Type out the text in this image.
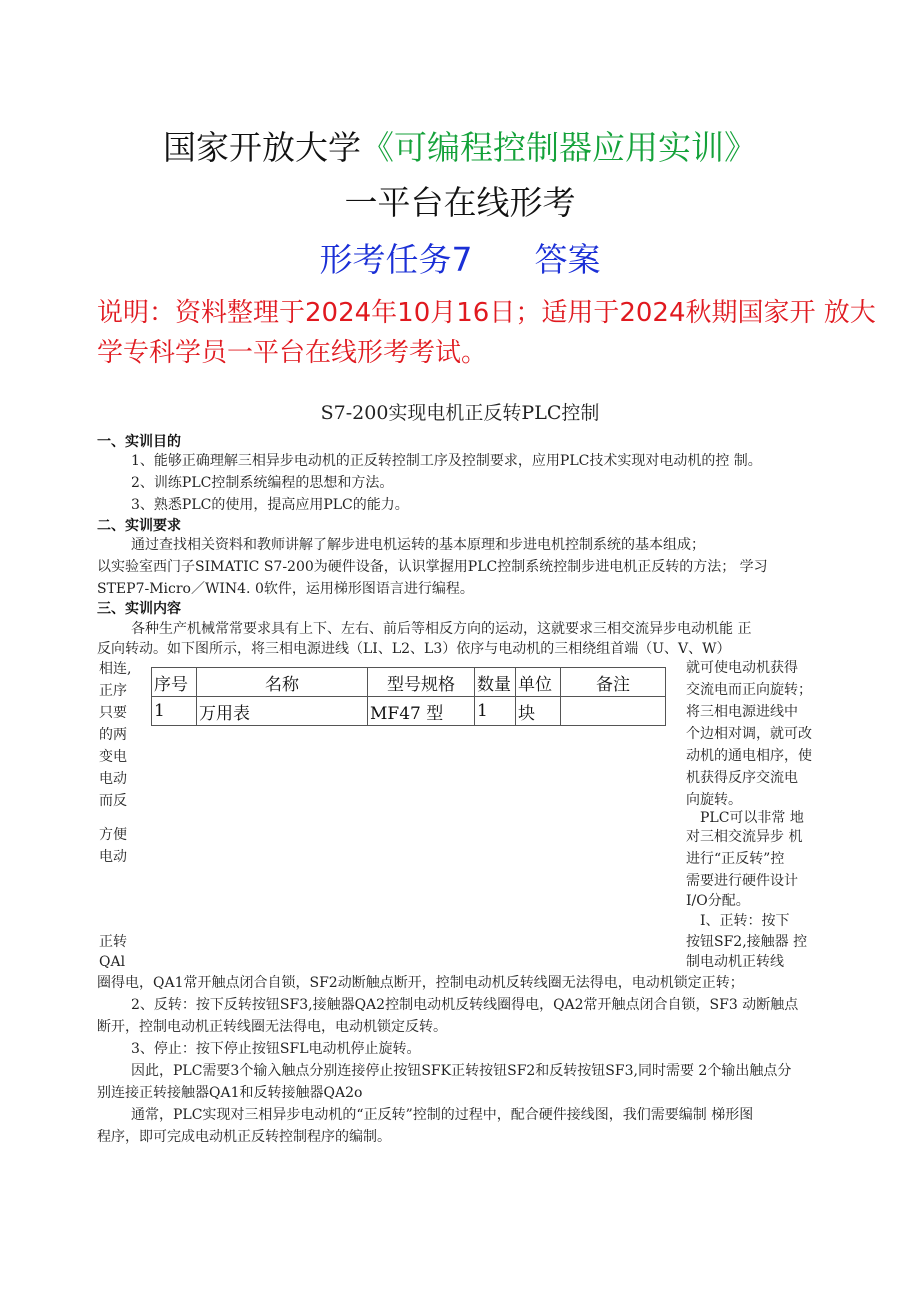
国家开放大学《可编程控制器应用实训》
一平台在线形考
形考任务7 答案
说明：资料整理于2024年10月16日；适用于2024秋期国家开 放大
学专科学员一平台在线形考考试。
S7-200实现电机正反转PLC控制
一、实训目的
1、能够正确理解三相异步电动机的正反转控制工序及控制要求，应用PLC技术实现对电动机的控 制。
2、训练PLC控制系统编程的思想和方法。
3、熟悉PLC的使用，提高应用PLC的能力。
二、实训要求
通过查找相关资料和教师讲解了解步进电机运转的基本原理和步进电机控制系统的基本组成；
以实验室西门子SIMATIC S7-200为硬件设备，认识掌握用PLC控制系统控制步进电机正反转的方法； 学习
STEP7-Micro／WIN4. 0软件，运用梯形图语言进行编程。
三、实训内容
各种生产机械常常要求具有上下、左右、前后等相反方向的运动，这就要求三相交流异步电动机能 正
反向转动。如下图所示，将三相电源进线（LI、L2、L3）依序与电动机的三相绕组首端（U、V、W）
相连,
正序
只要
的两
变电
电动
而反
方便
电动
正转
QAl
序号	名称	型号规格	数量	单位	备注
1	万用表	MF47 型	1	块	
就可使电动机获得
交流电而正向旋转；
将三相电源进线中
个边相对调，就可改
动机的通电相序，使
机获得反序交流电
向旋转。
　PLC可以非常 地
对三相交流异步 机
进行“正反转”控
需要进行硬件设计
I/O分配。
　I、正转：按下
按钮SF2,接触器 控
制电动机正转线
圈得电，QA1常开触点闭合自锁，SF2动断触点断开，控制电动机反转线圈无法得电，电动机锁定正转；
2、反转：按下反转按钮SF3,接触器QA2控制电动机反转线圈得电，QA2常开触点闭合自锁，SF3 动断触点
断开，控制电动机正转线圈无法得电，电动机锁定反转。
3、停止：按下停止按钮SFL电动机停止旋转。
因此，PLC需要3个输入触点分别连接停止按钮SFK正转按钮SF2和反转按钮SF3,同时需要 2个输出触点分
别连接正转接触器QA1和反转接触器QA2o
通常，PLC实现对三相异步电动机的“正反转”控制的过程中，配合硬件接线图，我们需要编制 梯形图
程序，即可完成电动机正反转控制程序的编制。
